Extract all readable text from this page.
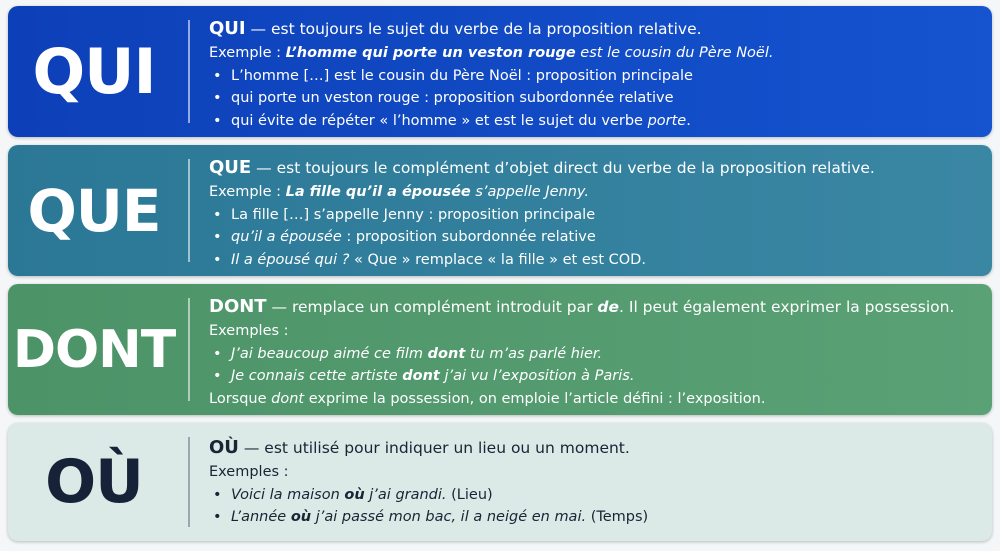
QUI
QUI — est toujours le sujet du verbe de la proposition relative.
Exemple : L’homme qui porte un veston rouge est le cousin du Père Noël.
• L’homme […] est le cousin du Père Noël : proposition principale
• qui porte un veston rouge : proposition subordonnée relative
• qui évite de répéter « l’homme » et est le sujet du verbe porte.
QUE
QUE — est toujours le complément d’objet direct du verbe de la proposition relative.
Exemple : La fille qu’il a épousée s’appelle Jenny.
• La fille […] s’appelle Jenny : proposition principale
• qu’il a épousée : proposition subordonnée relative
• Il a épousé qui ? « Que » remplace « la fille » et est COD.
DONT
DONT — remplace un complément introduit par de. Il peut également exprimer la possession.
Exemples :
• J’ai beaucoup aimé ce film dont tu m’as parlé hier.
• Je connais cette artiste dont j’ai vu l’exposition à Paris.
Lorsque dont exprime la possession, on emploie l’article défini : l’exposition.
OÙ	OÙ — est utilisé pour indiquer un lieu ou un moment.
Exemples :
• Voici la maison où j’ai grandi. (Lieu)
• L’année où j’ai passé mon bac, il a neigé en mai. (Temps)
